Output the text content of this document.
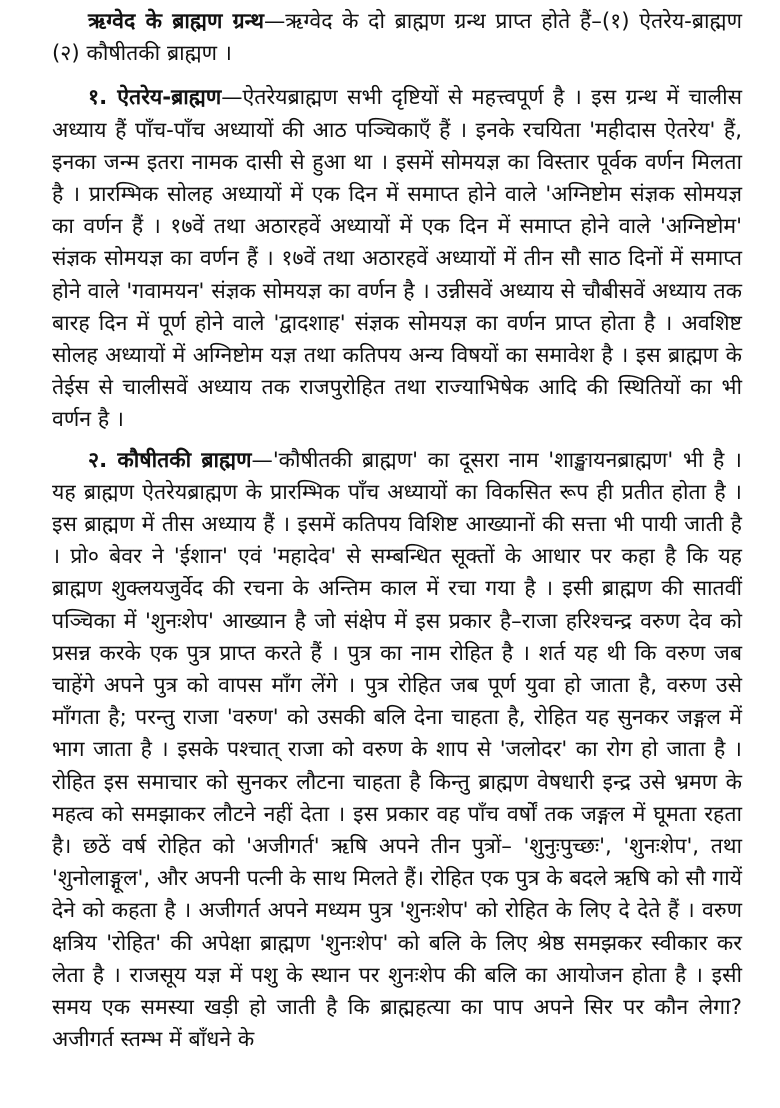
ऋग्वेद के ब्राह्मण ग्रन्थ—ऋग्वेद के दो ब्राह्मण ग्रन्थ प्राप्त होते हैं–(१) ऐतरेय-ब्राह्मण (२) कौषीतकी ब्राह्मण ।

१. ऐतरेय-ब्राह्मण—ऐतरेयब्राह्मण सभी दृष्टियों से महत्त्वपूर्ण है । इस ग्रन्थ में चालीस अध्याय हैं पाँच-पाँच अध्यायों की आठ पञ्चिकाएँ हैं । इनके रचयिता 'महीदास ऐतरेय' हैं, इनका जन्म इतरा नामक दासी से हुआ था । इसमें सोमयज्ञ का विस्तार पूर्वक वर्णन मिलता है । प्रारम्भिक सोलह अध्यायों में एक दिन में समाप्त होने वाले 'अग्निष्टोम संज्ञक सोमयज्ञ का वर्णन हैं । १७वें तथा अठारहवें अध्यायों में एक दिन में समाप्त होने वाले 'अग्निष्टोम' संज्ञक सोमयज्ञ का वर्णन हैं । १७वें तथा अठारहवें अध्यायों में तीन सौ साठ दिनों में समाप्त होने वाले 'गवामयन' संज्ञक सोमयज्ञ का वर्णन है । उन्नीसवें अध्याय से चौबीसवें अध्याय तक बारह दिन में पूर्ण होने वाले 'द्वादशाह' संज्ञक सोमयज्ञ का वर्णन प्राप्त होता है । अवशिष्ट सोलह अध्यायों में अग्निष्टोम यज्ञ तथा कतिपय अन्य विषयों का समावेश है । इस ब्राह्मण के तेईस से चालीसवें अध्याय तक राजपुरोहित तथा राज्याभिषेक आदि की स्थितियों का भी वर्णन है ।

२. कौषीतकी ब्राह्मण—'कौषीतकी ब्राह्मण' का दूसरा नाम 'शाङ्खायनब्राह्मण' भी है । यह ब्राह्मण ऐतरेयब्राह्मण के प्रारम्भिक पाँच अध्यायों का विकसित रूप ही प्रतीत होता है । इस ब्राह्मण में तीस अध्याय हैं । इसमें कतिपय विशिष्ट आख्यानों की सत्ता भी पायी जाती है । प्रो० बेवर ने 'ईशान' एवं 'महादेव' से सम्बन्धित सूक्तों के आधार पर कहा है कि यह ब्राह्मण शुक्लयजुर्वेद की रचना के अन्तिम काल में रचा गया है । इसी ब्राह्मण की सातवीं पञ्चिका में 'शुनःशेप' आख्यान है जो संक्षेप में इस प्रकार है–राजा हरिश्चन्द्र वरुण देव को प्रसन्न करके एक पुत्र प्राप्त करते हैं । पुत्र का नाम रोहित है । शर्त यह थी कि वरुण जब चाहेंगे अपने पुत्र को वापस माँग लेंगे । पुत्र रोहित जब पूर्ण युवा हो जाता है, वरुण उसे माँगता है; परन्तु राजा 'वरुण' को उसकी बलि देना चाहता है, रोहित यह सुनकर जङ्गल में भाग जाता है । इसके पश्चात् राजा को वरुण के शाप से 'जलोदर' का रोग हो जाता है । रोहित इस समाचार को सुनकर लौटना चाहता है किन्तु ब्राह्मण वेषधारी इन्द्र उसे भ्रमण के महत्व को समझाकर लौटने नहीं देता । इस प्रकार वह पाँच वर्षों तक जङ्गल में घूमता रहता है। छठें वर्ष रोहित को 'अजीगर्त' ऋषि अपने तीन पुत्रों– 'शुनुःपुच्छः', 'शुनःशेप', तथा 'शुनोलाङ्गूल', और अपनी पत्नी के साथ मिलते हैं। रोहित एक पुत्र के बदले ऋषि को सौ गायें देने को कहता है । अजीगर्त अपने मध्यम पुत्र 'शुनःशेप' को रोहित के लिए दे देते हैं । वरुण क्षत्रिय 'रोहित' की अपेक्षा ब्राह्मण 'शुनःशेप' को बलि के लिए श्रेष्ठ समझकर स्वीकार कर लेता है । राजसूय यज्ञ में पशु के स्थान पर शुनःशेप की बलि का आयोजन होता है । इसी समय एक समस्या खड़ी हो जाती है कि ब्राह्महत्या का पाप अपने सिर पर कौन लेगा? अजीगर्त स्तम्भ में बाँधने के
